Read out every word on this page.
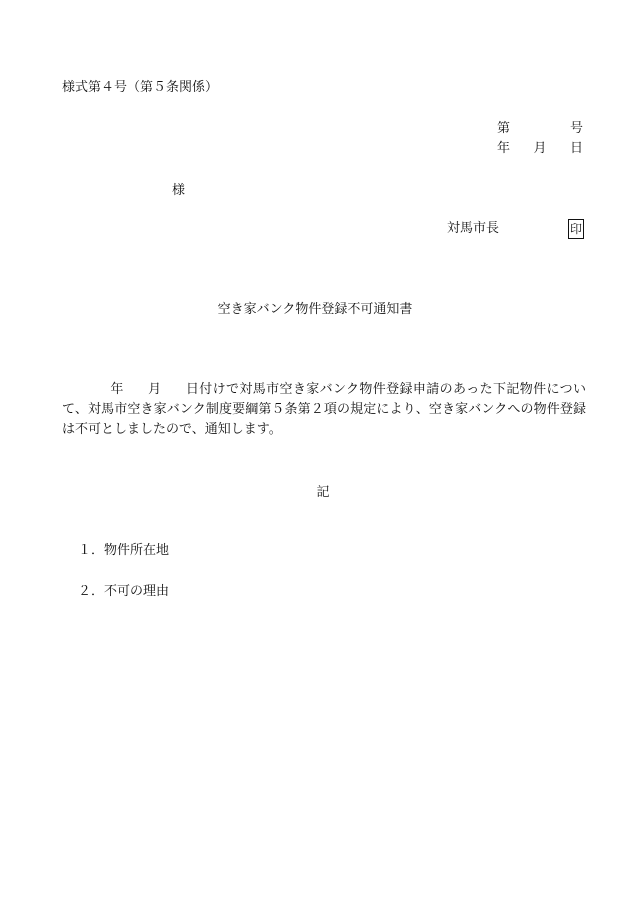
様式第４号（第５条関係）
第	号
年 月 日
様
対馬市長	印
空き家バンク物件登録不可通知書
年 月 日付けで対馬市空き家バンク物件登録申請のあった下記物件について、対馬市空き家バンク制度要綱第５条第２項の規定により、空き家バンクへの物件登録は不可としましたので、通知します。
記
１．物件所在地
２．不可の理由
